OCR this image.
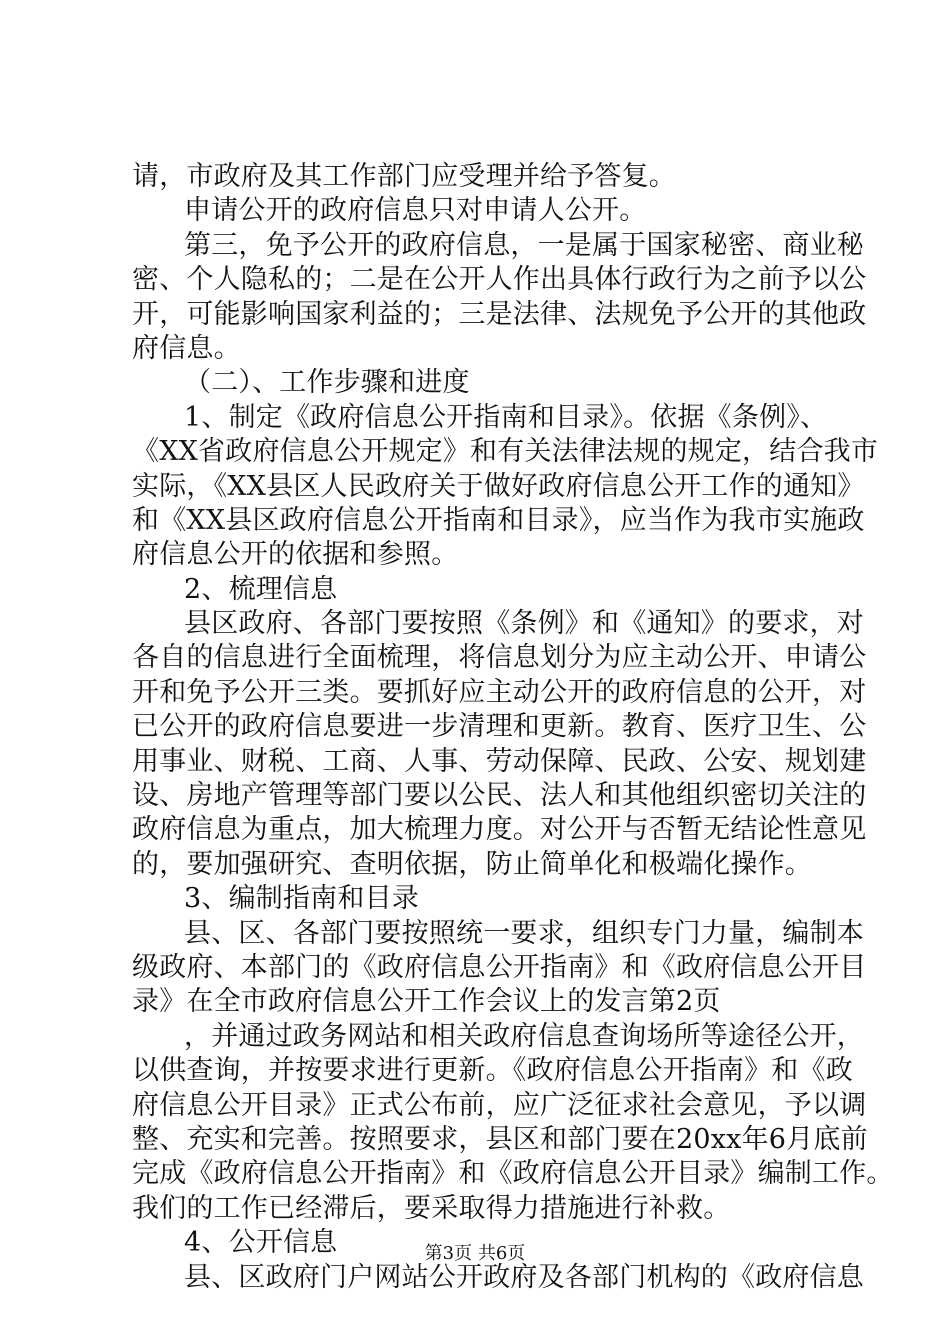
请，市政府及其工作部门应受理并给予答复。
申请公开的政府信息只对申请人公开。
第三，免予公开的政府信息，一是属于国家秘密、商业秘
密、个人隐私的；二是在公开人作出具体行政行为之前予以公
开，可能影响国家利益的；三是法律、法规免予公开的其他政
府信息。
（二）、工作步骤和进度
1、制定《政府信息公开指南和目录》。依据《条例》、
《XX省政府信息公开规定》和有关法律法规的规定，结合我市
实际，《XX县区人民政府关于做好政府信息公开工作的通知》
和《XX县区政府信息公开指南和目录》，应当作为我市实施政
府信息公开的依据和参照。
2、梳理信息
县区政府、各部门要按照《条例》和《通知》的要求，对
各自的信息进行全面梳理，将信息划分为应主动公开、申请公
开和免予公开三类。要抓好应主动公开的政府信息的公开，对
已公开的政府信息要进一步清理和更新。教育、医疗卫生、公
用事业、财税、工商、人事、劳动保障、民政、公安、规划建
设、房地产管理等部门要以公民、法人和其他组织密切关注的
政府信息为重点，加大梳理力度。对公开与否暂无结论性意见
的，要加强研究、查明依据，防止简单化和极端化操作。
3、编制指南和目录
县、区、各部门要按照统一要求，组织专门力量，编制本
级政府、本部门的《政府信息公开指南》和《政府信息公开目
录》在全市政府信息公开工作会议上的发言第2页
，并通过政务网站和相关政府信息查询场所等途径公开，
以供查询，并按要求进行更新。《政府信息公开指南》和《政
府信息公开目录》正式公布前，应广泛征求社会意见，予以调
整、充实和完善。按照要求，县区和部门要在20xx年6月底前
完成《政府信息公开指南》和《政府信息公开目录》编制工作。
我们的工作已经滞后，要采取得力措施进行补救。
4、公开信息
县、区政府门户网站公开政府及各部门机构的《政府信息
第3页 共6页
